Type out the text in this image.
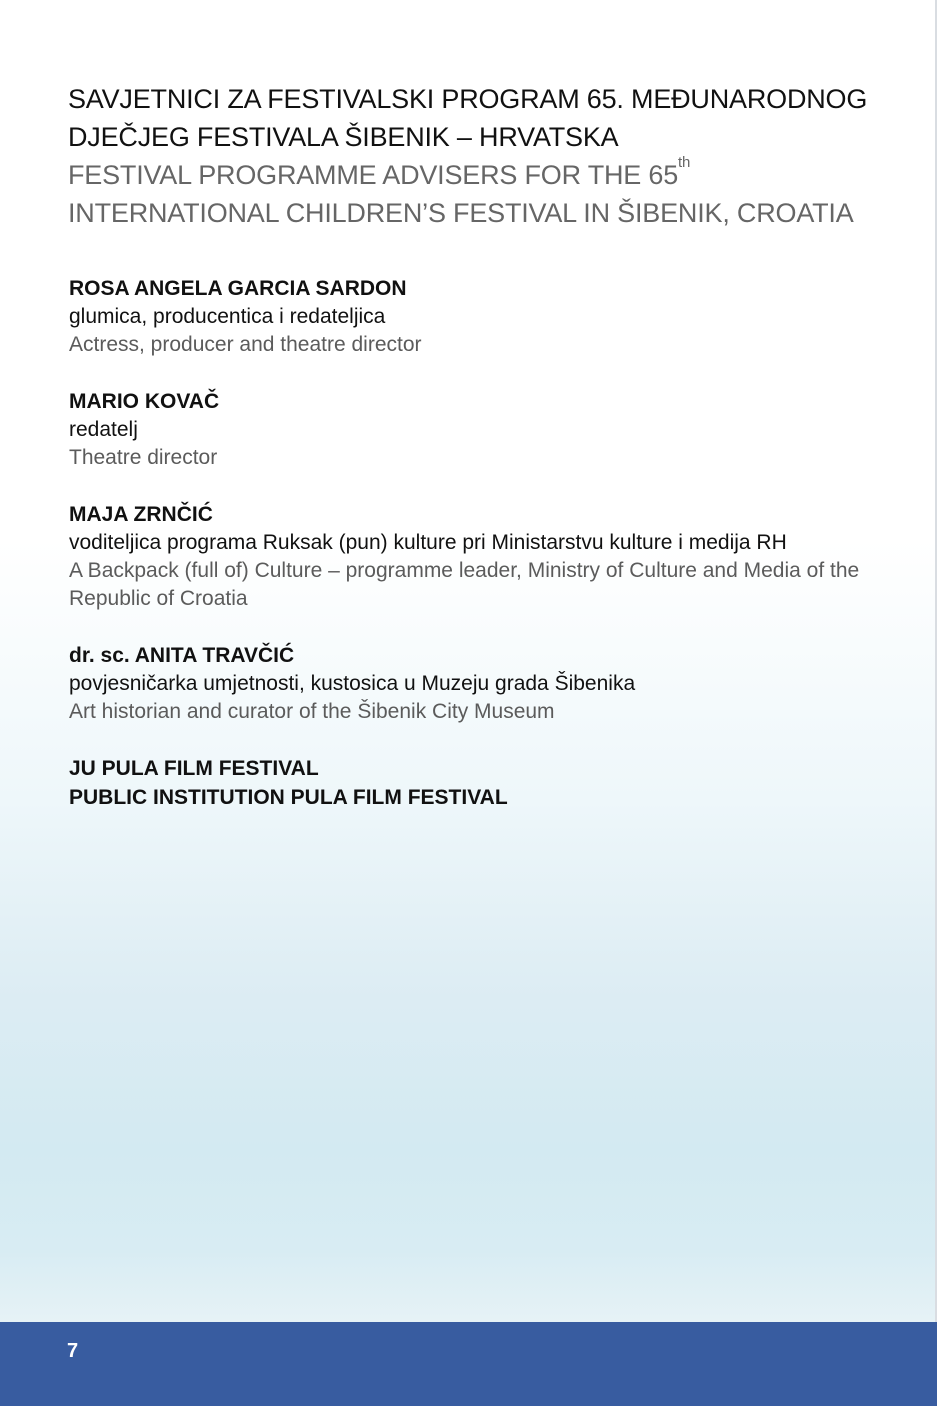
SAVJETNICI ZA FESTIVALSKI PROGRAM 65. MEĐUNARODNOG
DJEČJEG FESTIVALA ŠIBENIK – HRVATSKA
FESTIVAL PROGRAMME ADVISERS FOR THE 65th
INTERNATIONAL CHILDREN’S FESTIVAL IN ŠIBENIK, CROATIA
ROSA ANGELA GARCIA SARDON
glumica, producentica i redateljica
Actress, producer and theatre director
MARIO KOVAČ
redatelj
Theatre director
MAJA ZRNČIĆ
voditeljica programa Ruksak (pun) kulture pri Ministarstvu kulture i medija RH
A Backpack (full of) Culture – programme leader, Ministry of Culture and Media of the Republic of Croatia
dr. sc. ANITA TRAVČIĆ
povjesničarka umjetnosti, kustosica u Muzeju grada Šibenika
Art historian and curator of the Šibenik City Museum
JU PULA FILM FESTIVAL
PUBLIC INSTITUTION PULA FILM FESTIVAL
7
